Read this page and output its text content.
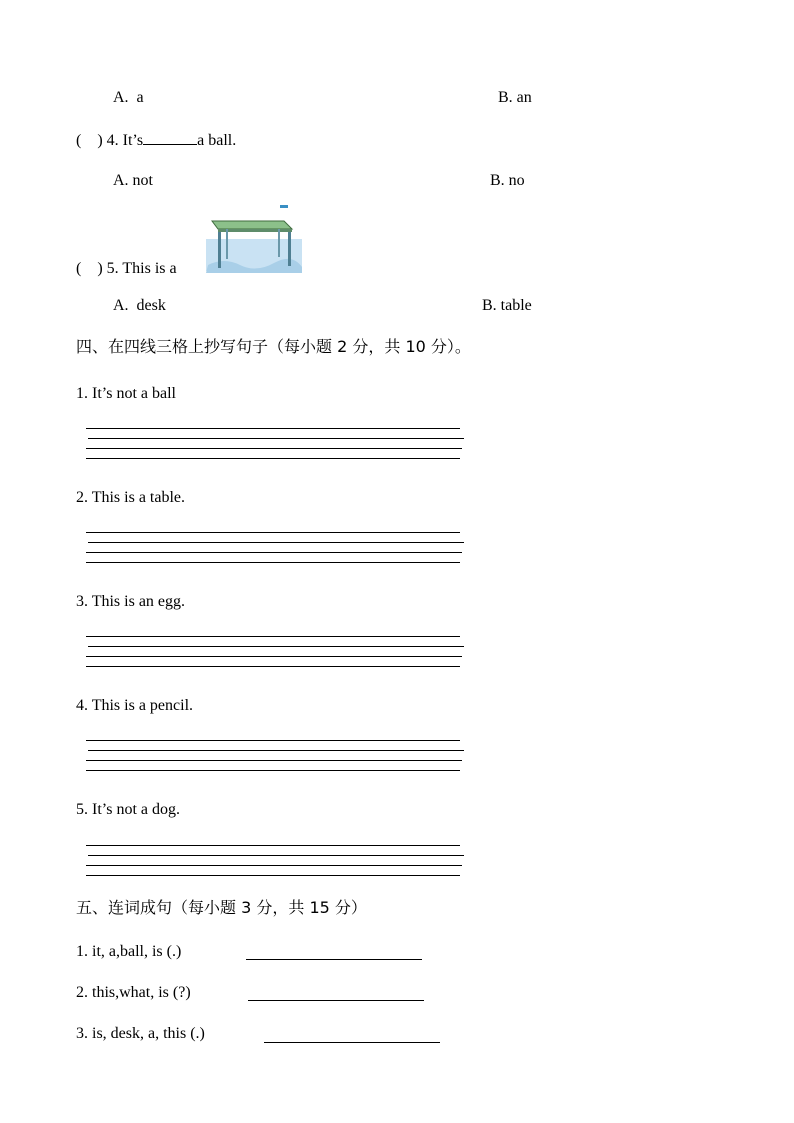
A.  a	B. an
(    ) 4. It’s	a ball.
A. not	B. no
(    ) 5. This is a
A.  desk	B. table
四、在四线三格上抄写句子（每小题 2 分，共 10 分）。
1. It’s not a ball
2. This is a table.
3. This is an egg.
4. This is a pencil.
5. It’s not a dog.
五、连词成句（每小题 3 分，共 15 分）
1. it, a,ball, is (.)
2. this,what, is (?)
3. is, desk, a, this (.)
